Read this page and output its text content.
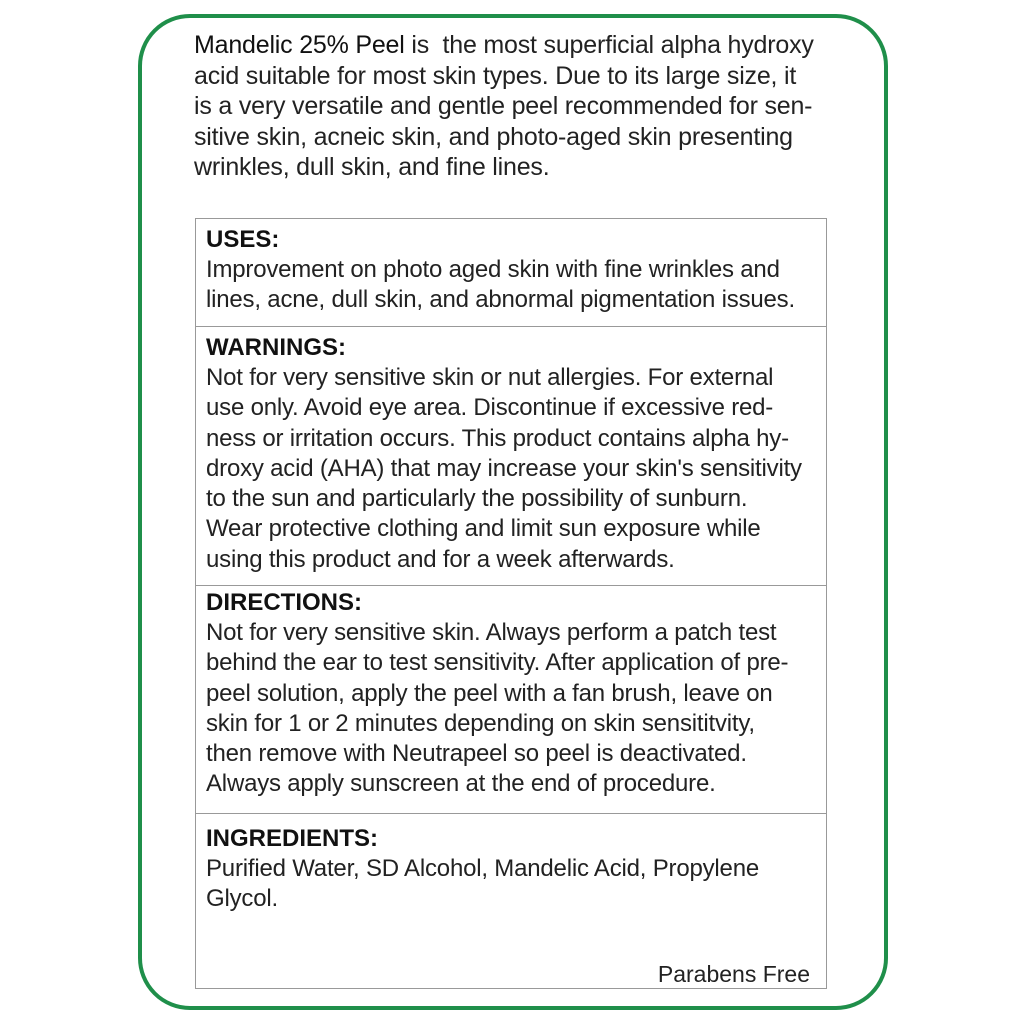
Mandelic 25% Peel is  the most superficial alpha hydroxy
acid suitable for most skin types. Due to its large size, it
is a very versatile and gentle peel recommended for sen-
sitive skin, acneic skin, and photo-aged skin presenting
wrinkles, dull skin, and fine lines.
USES:
Improvement on photo aged skin with fine wrinkles and
lines, acne, dull skin, and abnormal pigmentation issues.
WARNINGS:
Not for very sensitive skin or nut allergies. For external
use only. Avoid eye area. Discontinue if excessive red-
ness or irritation occurs. This product contains alpha hy-
droxy acid (AHA) that may increase your skin's sensitivity
to the sun and particularly the possibility of sunburn.
Wear protective clothing and limit sun exposure while
using this product and for a week afterwards.
DIRECTIONS:
Not for very sensitive skin. Always perform a patch test
behind the ear to test sensitivity. After application of pre-
peel solution, apply the peel with a fan brush, leave on
skin for 1 or 2 minutes depending on skin sensititvity,
then remove with Neutrapeel so peel is deactivated.
Always apply sunscreen at the end of procedure.
INGREDIENTS:
Purified Water, SD Alcohol, Mandelic Acid, Propylene
Glycol.
Parabens Free
